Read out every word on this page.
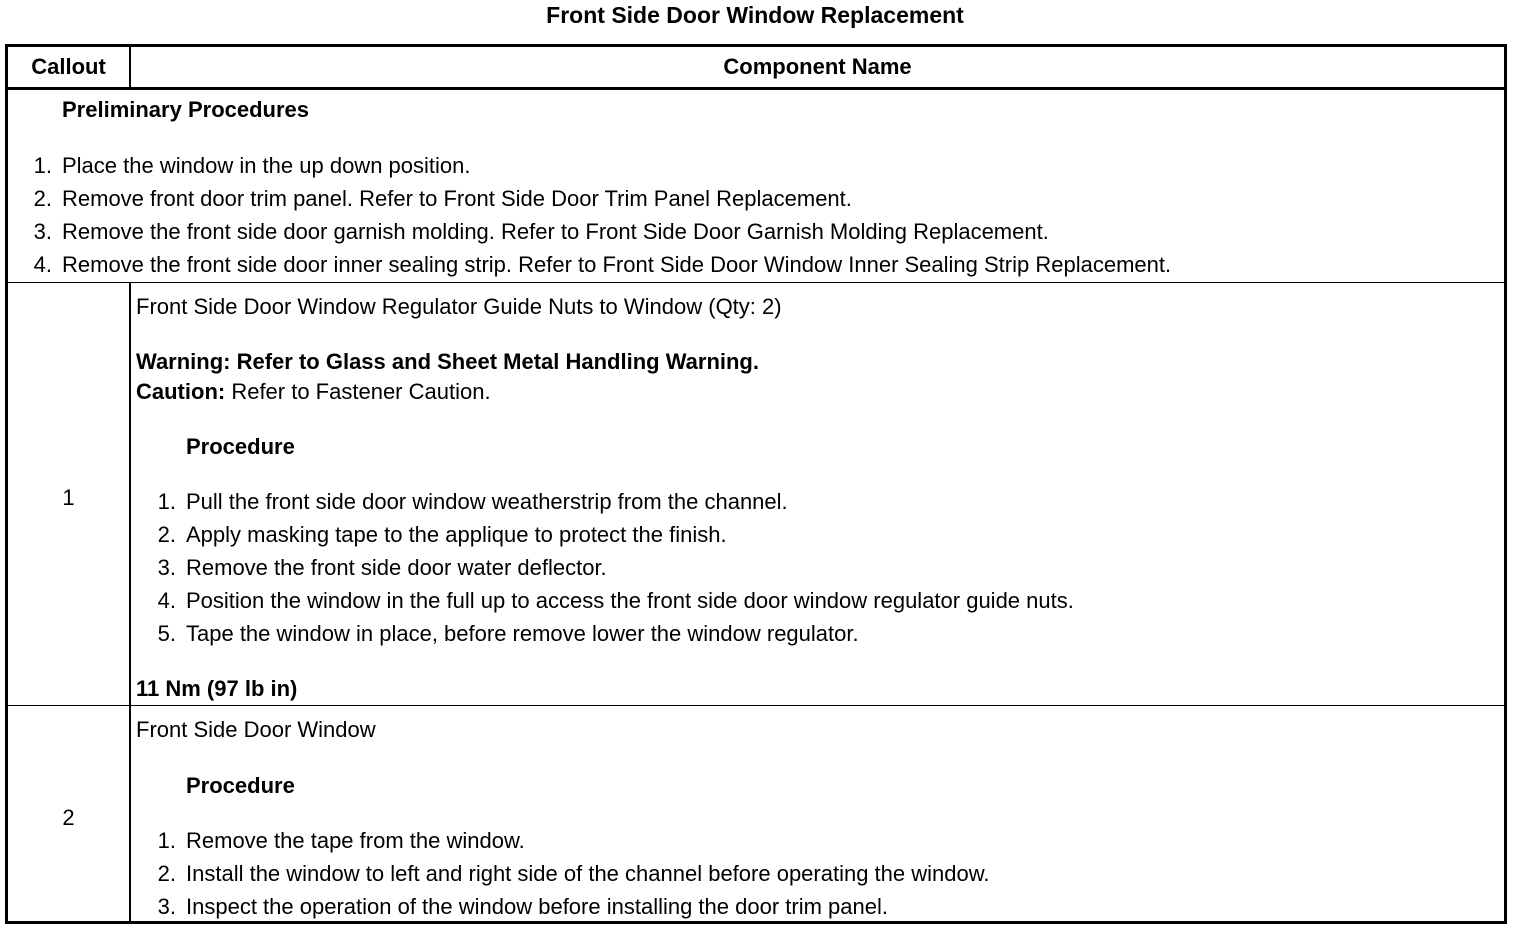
Front Side Door Window Replacement
Callout	Component Name
Preliminary Procedures
1. Place the window in the up down position.
2. Remove front door trim panel. Refer to Front Side Door Trim Panel Replacement.
3. Remove the front side door garnish molding. Refer to Front Side Door Garnish Molding Replacement.
4. Remove the front side door inner sealing strip. Refer to Front Side Door Window Inner Sealing Strip Replacement.
1
Front Side Door Window Regulator Guide Nuts to Window (Qty: 2)
Warning: Refer to Glass and Sheet Metal Handling Warning.
Caution: Refer to Fastener Caution.
Procedure
1. Pull the front side door window weatherstrip from the channel.
2. Apply masking tape to the applique to protect the finish.
3. Remove the front side door water deflector.
4. Position the window in the full up to access the front side door window regulator guide nuts.
5. Tape the window in place, before remove lower the window regulator.
11 Nm (97 lb in)
2
Front Side Door Window
Procedure
1. Remove the tape from the window.
2. Install the window to left and right side of the channel before operating the window.
3. Inspect the operation of the window before installing the door trim panel.
